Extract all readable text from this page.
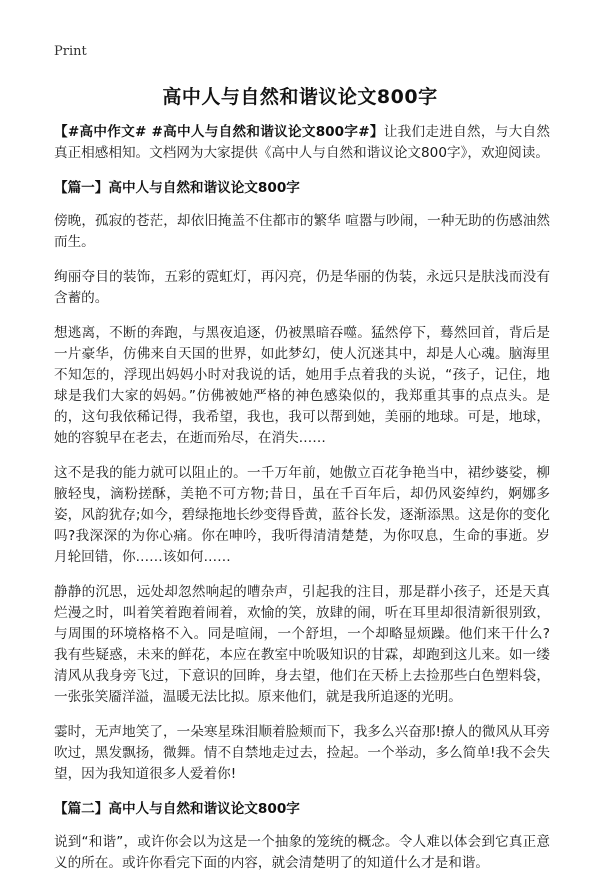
Print
高中人与自然和谐议论文800字

【#高中作文# #高中人与自然和谐议论文800字#】让我们走进自然，与大自然真正相感相知。文档网为大家提供《高中人与自然和谐议论文800字》，欢迎阅读。

【篇一】高中人与自然和谐议论文800字

傍晚，孤寂的苍茫，却依旧掩盖不住都市的繁华 喧嚣与吵闹，一种无助的伤感油然而生。

绚丽夺目的装饰，五彩的霓虹灯，再闪亮，仍是华丽的伪装，永远只是肤浅而没有含蓄的。

想逃离，不断的奔跑，与黑夜追逐，仍被黑暗吞噬。猛然停下，蓦然回首，背后是一片豪华，仿佛来自天国的世界，如此梦幻，使人沉迷其中，却是人心魂。脑海里不知怎的，浮现出妈妈小时对我说的话，她用手点着我的头说，“孩子，记住，地球是我们大家的妈妈。”仿佛被她严格的神色感染似的，我郑重其事的点点头。是的，这句我依稀记得，我希望，我也，我可以帮到她，美丽的地球。可是，地球，她的容貌早在老去，在逝而殆尽，在消失……

这不是我的能力就可以阻止的。一千万年前，她傲立百花争艳当中，裙纱婆娑，柳腋轻曳，滴粉搓酥，美艳不可方物;昔日，虽在千百年后，却仍风姿绰约，婀娜多姿，风韵犹存;如今，碧绿拖地长纱变得昏黄，蓝谷长发，逐渐添黑。这是你的变化吗?我深深的为你心痛。你在呻吟，我听得清清楚楚，为你叹息，生命的事逝。岁月轮回错，你……该如何……

静静的沉思，远处却忽然响起的嘈杂声，引起我的注目，那是群小孩子，还是天真烂漫之时，叫着笑着跑着闹着，欢愉的笑，放肆的闹，听在耳里却很清新很别致，与周围的环境格格不入。同是喧闹，一个舒坦，一个却略显烦躁。他们来干什么?我有些疑惑，未来的鲜花，本应在教室中吮吸知识的甘霖，却跑到这儿来。如一缕清风从我身旁飞过，下意识的回眸，身去望，他们在天桥上去捡那些白色塑料袋，一张张笑靥洋溢，温暖无法比拟。原来他们，就是我所追逐的光明。

霎时，无声地笑了，一朵寒星珠泪顺着脸颊而下，我多么兴奋那!撩人的微风从耳旁吹过，黑发飘扬，微舞。情不自禁地走过去，捡起。一个举动，多么简单!我不会失望，因为我知道很多人爱着你!

【篇二】高中人与自然和谐议论文800字

说到“和谐”，或许你会以为这是一个抽象的笼统的概念。令人难以体会到它真正意义的所在。或许你看完下面的内容，就会清楚明了的知道什么才是和谐。
